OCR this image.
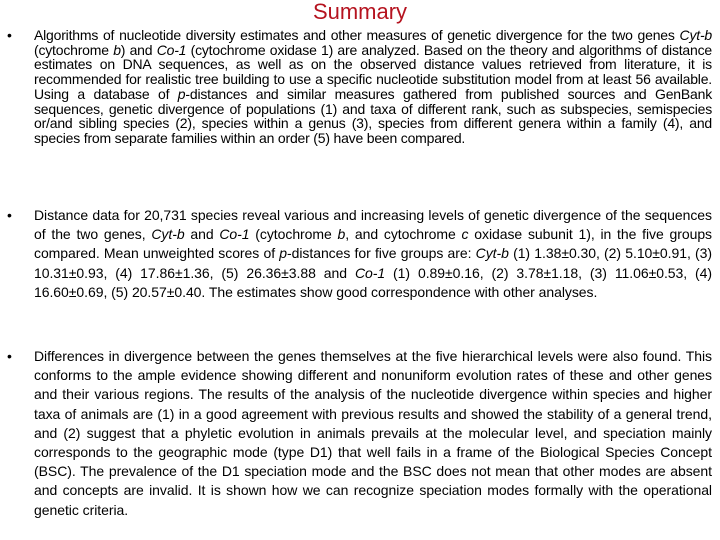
Summary
• Algorithms of nucleotide diversity estimates and other measures of genetic divergence for the two genes Cyt-b (cytochrome b) and Co-1 (cytochrome oxidase 1) are analyzed. Based on the theory and algorithms of distance estimates on DNA sequences, as well as on the observed distance values retrieved from literature, it is recommended for realistic tree building to use a specific nucleotide substitution model from at least 56 available. Using a database of p-distances and similar measures gathered from published sources and GenBank sequences, genetic divergence of populations (1) and taxa of different rank, such as subspecies, semispecies or/and sibling species (2), species within a genus (3), species from different genera within a family (4), and species from separate families within an order (5) have been compared.
• Distance data for 20,731 species reveal various and increasing levels of genetic divergence of the sequences of the two genes, Cyt-b and Co-1 (cytochrome b, and cytochrome c oxidase subunit 1), in the five groups compared. Mean unweighted scores of p-distances for five groups are: Cyt-b (1) 1.38±0.30, (2) 5.10±0.91, (3) 10.31±0.93, (4) 17.86±1.36, (5) 26.36±3.88 and Co-1 (1) 0.89±0.16, (2) 3.78±1.18, (3) 11.06±0.53, (4) 16.60±0.69, (5) 20.57±0.40. The estimates show good correspondence with other analyses.
• Differences in divergence between the genes themselves at the five hierarchical levels were also found. This conforms to the ample evidence showing different and nonuniform evolution rates of these and other genes and their various regions. The results of the analysis of the nucleotide divergence within species and higher taxa of animals are (1) in a good agreement with previous results and showed the stability of a general trend, and (2) suggest that a phyletic evolution in animals prevails at the molecular level, and speciation mainly corresponds to the geographic mode (type D1) that well fails in a frame of the Biological Species Concept (BSC). The prevalence of the D1 speciation mode and the BSC does not mean that other modes are absent and concepts are invalid. It is shown how we can recognize speciation modes formally with the operational genetic criteria.
